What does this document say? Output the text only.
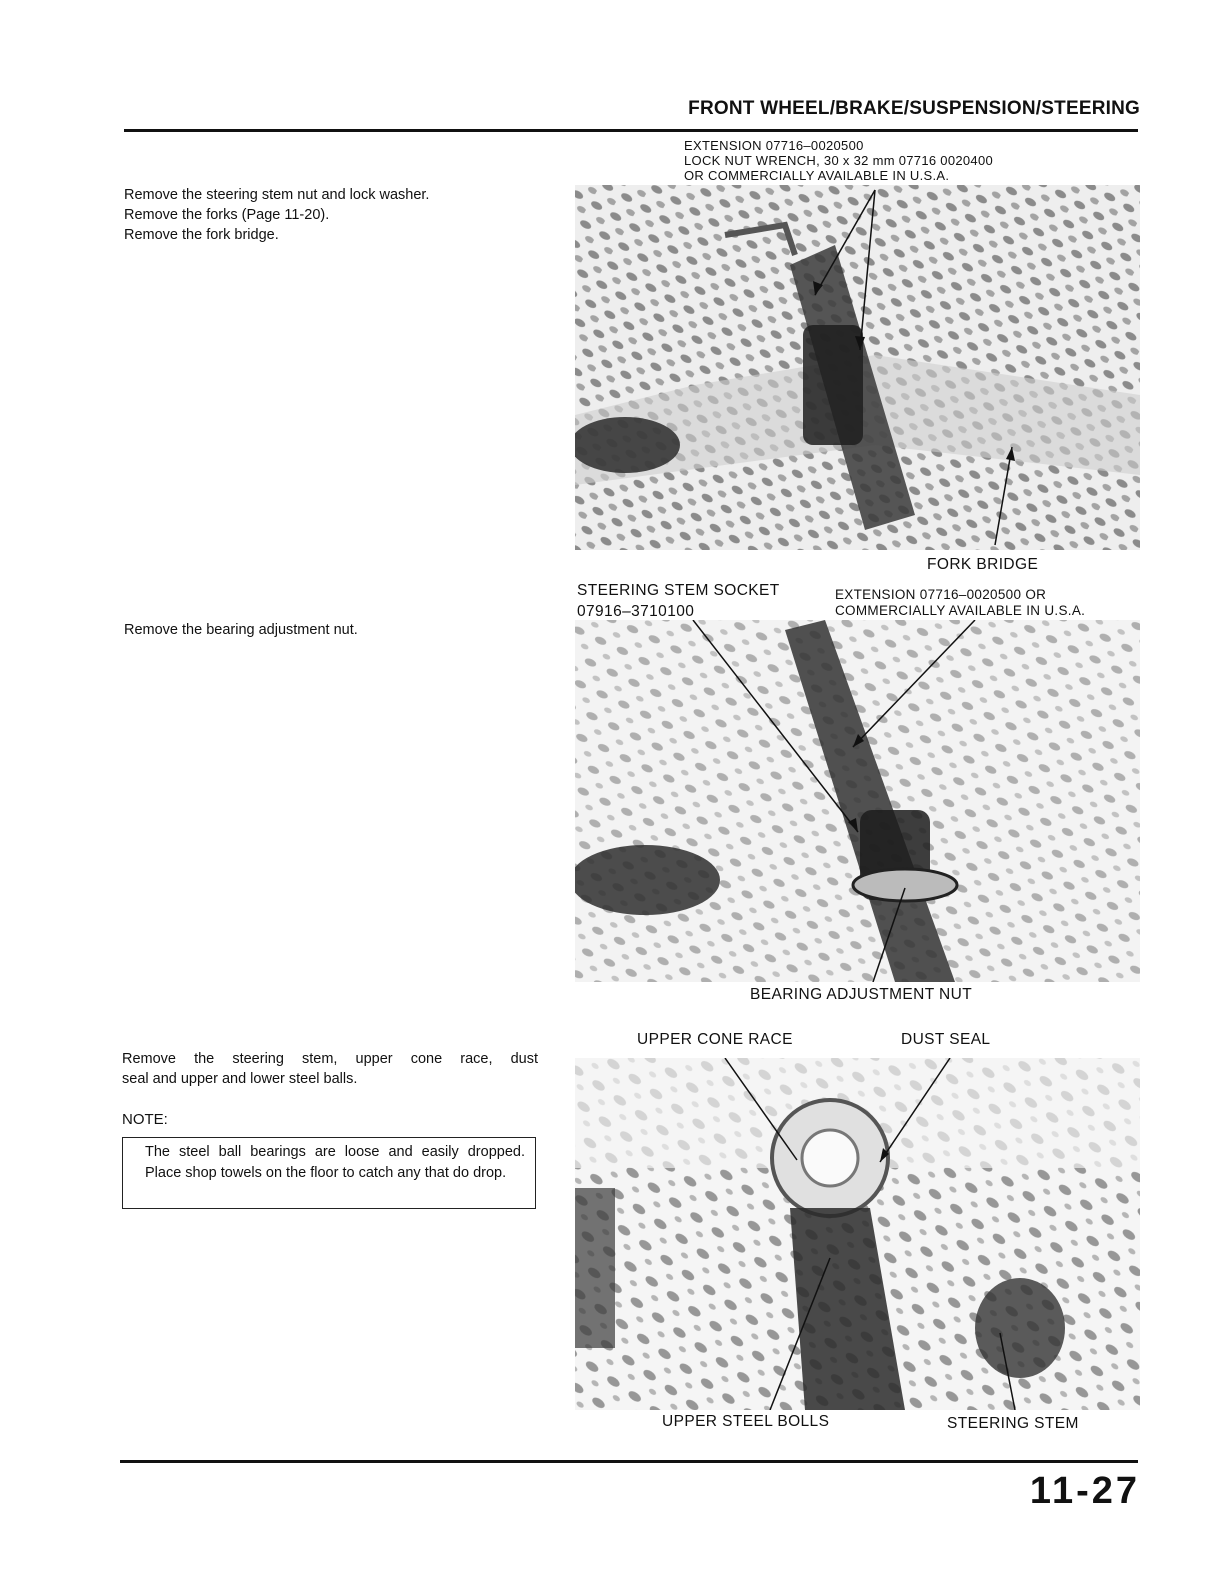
FRONT WHEEL/BRAKE/SUSPENSION/STEERING
Remove the steering stem nut and lock washer.
Remove the forks (Page 11-20).
Remove the fork bridge.
Remove the bearing adjustment nut.
Remove the steering stem, upper cone race, dust
seal and upper and lower steel balls.
NOTE:
The steel ball bearings are loose and easily dropped. Place shop towels on the floor to catch any that do drop.
EXTENSION 07716–0020500
LOCK NUT WRENCH, 30 x 32 mm 07716 0020400
OR COMMERCIALLY AVAILABLE IN U.S.A.
FORK BRIDGE
STEERING STEM SOCKET
07916–3710100
EXTENSION 07716–0020500 OR
COMMERCIALLY AVAILABLE IN U.S.A.
BEARING ADJUSTMENT NUT
UPPER CONE RACE	DUST SEAL
UPPER STEEL BOLLS	STEERING STEM
11-27
